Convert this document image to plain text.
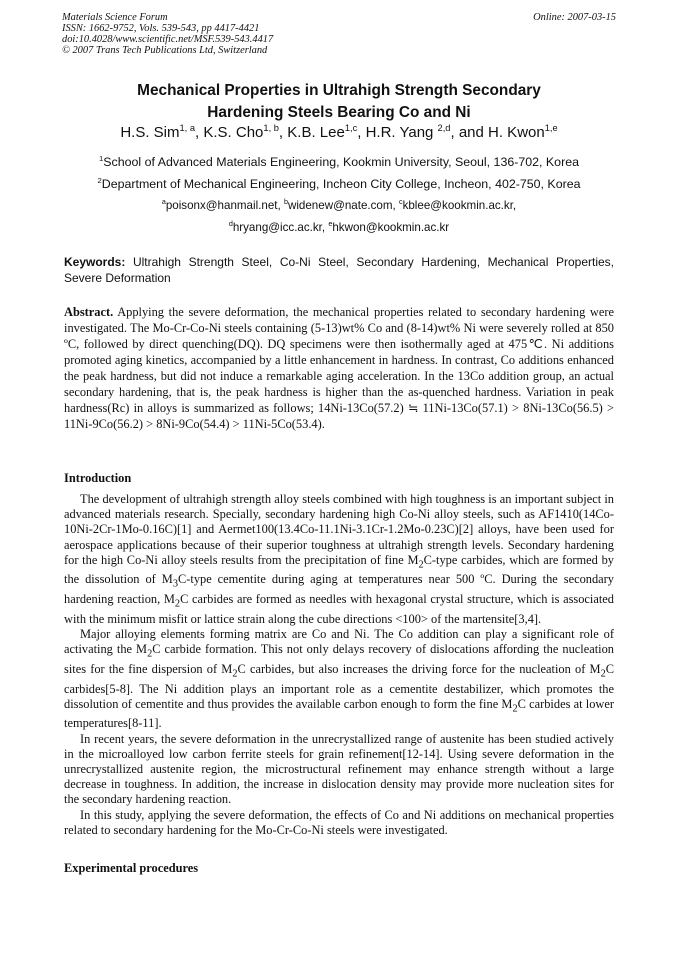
Materials Science Forum
ISSN: 1662-9752, Vols. 539-543, pp 4417-4421
doi:10.4028/www.scientific.net/MSF.539-543.4417
© 2007 Trans Tech Publications Ltd, Switzerland
Online: 2007-03-15
Mechanical Properties in Ultrahigh Strength Secondary
Hardening Steels Bearing Co and Ni
H.S. Sim$^{1, a}$, K.S. Cho$^{1, b}$, K.B. Lee$^{1,c}$, H.R. Yang $^{2,d}$, and H. Kwon$^{1,e}$
$^1$School of Advanced Materials Engineering, Kookmin University, Seoul, 136-702, Korea
$^2$Department of Mechanical Engineering, Incheon City College, Incheon, 402-750, Korea
$^a$poisonx@hanmail.net, $^b$widenew@nate.com, $^c$kblee@kookmin.ac.kr,
$^d$hryang@icc.ac.kr, $^e$hkwon@kookmin.ac.kr
Keywords: Ultrahigh Strength Steel, Co-Ni Steel, Secondary Hardening, Mechanical Properties, Severe Deformation
Abstract. Applying the severe deformation, the mechanical properties related to secondary hardening were investigated. The Mo-Cr-Co-Ni steels containing (5-13)wt% Co and (8-14)wt% Ni were severely rolled at 850 ºC, followed by direct quenching(DQ). DQ specimens were then isothermally aged at 475℃. Ni additions promoted aging kinetics, accompanied by a little enhancement in hardness. In contrast, Co additions enhanced the peak hardness, but did not induce a remarkable aging acceleration. In the 13Co addition group, an actual secondary hardening, that is, the peak hardness is higher than the as-quenched hardness. Variation in peak hardness(Rc) in alloys is summarized as follows; 14Ni-13Co(57.2) ≒ 11Ni-13Co(57.1) > 8Ni-13Co(56.5) > 11Ni-9Co(56.2) > 8Ni-9Co(54.4) > 11Ni-5Co(53.4).
Introduction

The development of ultrahigh strength alloy steels combined with high toughness is an important subject in advanced materials research. Specially, secondary hardening high Co-Ni alloy steels, such as AF1410(14Co-10Ni-2Cr-1Mo-0.16C)[1] and Aermet100(13.4Co-11.1Ni-3.1Cr-1.2Mo-0.23C)[2] alloys, have been used for aerospace applications because of their superior toughness at ultrahigh strength levels. Secondary hardening for the high Co-Ni alloy steels results from the precipitation of fine $M_2C$-type carbides, which are formed by the dissolution of $M_3C$-type cementite during aging at temperatures near 500 ºC. During the secondary hardening reaction, $M_2C$ carbides are formed as needles with hexagonal crystal structure, which is associated with the minimum misfit or lattice strain along the cube directions <100> of the martensite[3,4].

Major alloying elements forming matrix are Co and Ni. The Co addition can play a significant role of activating the $M_2C$ carbide formation. This not only delays recovery of dislocations affording the nucleation sites for the fine dispersion of $M_2C$ carbides, but also increases the driving force for the nucleation of $M_2C$ carbides[5-8]. The Ni addition plays an important role as a cementite destabilizer, which promotes the dissolution of cementite and thus provides the available carbon enough to form the fine $M_2C$ carbides at lower temperatures[8-11].

In recent years, the severe deformation in the unrecrystallized range of austenite has been studied actively in the microalloyed low carbon ferrite steels for grain refinement[12-14]. Using severe deformation in the unrecrystallized austenite region, the microstructural refinement may enhance strength without a large decrease in toughness. In addition, the increase in dislocation density may provide more nucleation sites for the secondary hardening reaction.

In this study, applying the severe deformation, the effects of Co and Ni additions on mechanical properties related to secondary hardening for the Mo-Cr-Co-Ni steels were investigated.

Experimental procedures
